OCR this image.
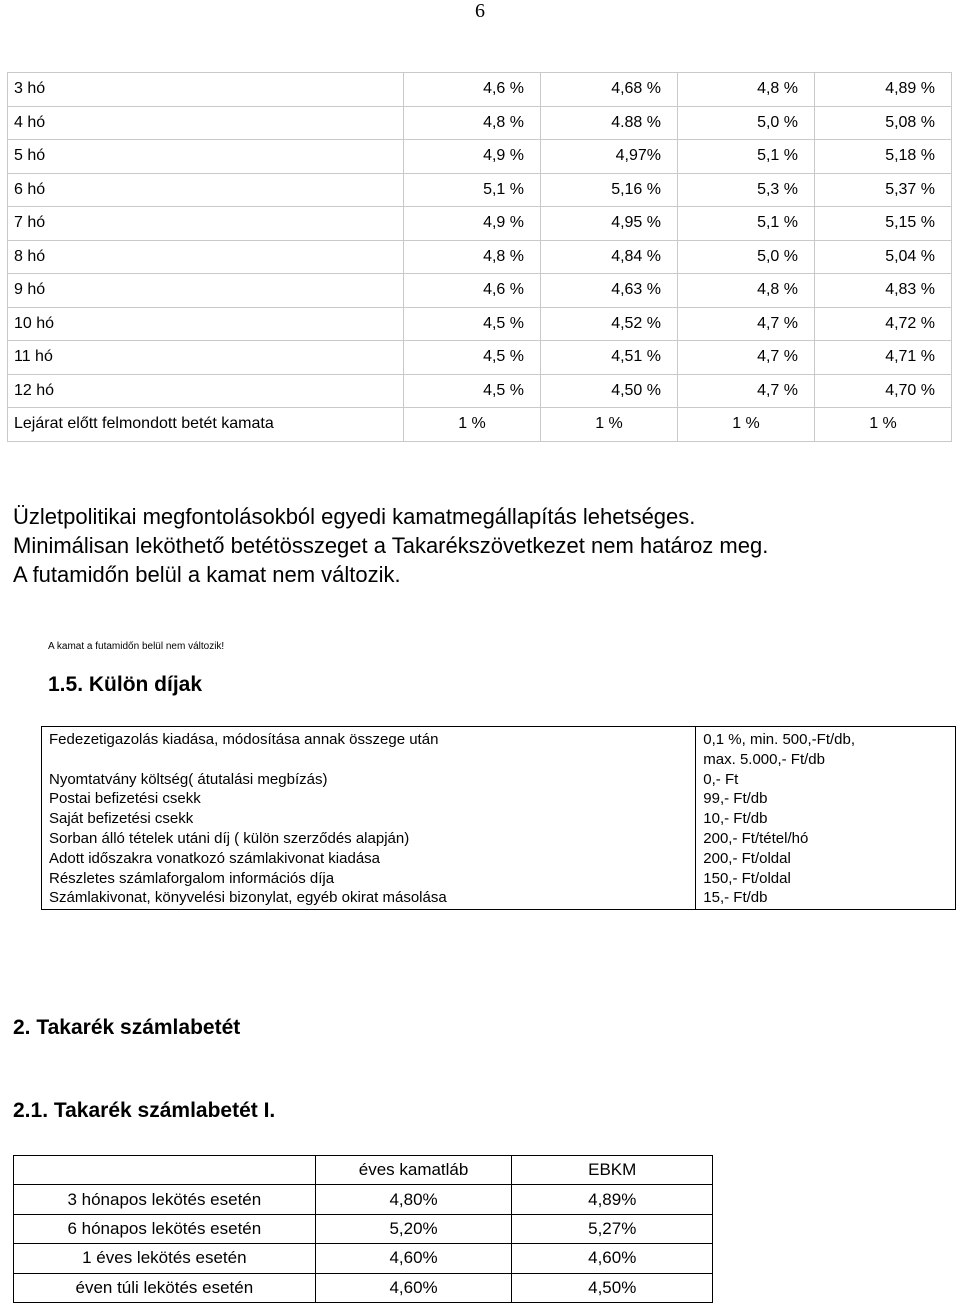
6
3 hó	4,6 %	4,68 %	4,8 %	4,89 %
4 hó	4,8 %	4.88 %	5,0 %	5,08 %
5 hó	4,9 %	4,97%	5,1 %	5,18 %
6 hó	5,1 %	5,16 %	5,3 %	5,37 %
7 hó	4,9 %	4,95 %	5,1 %	5,15 %
8 hó	4,8 %	4,84 %	5,0 %	5,04 %
9 hó	4,6 %	4,63 %	4,8 %	4,83 %
10 hó	4,5 %	4,52 %	4,7 %	4,72 %
11 hó	4,5 %	4,51 %	4,7 %	4,71 %
12 hó	4,5 %	4,50 %	4,7 %	4,70 %
Lejárat előtt felmondott betét kamata	1 %	1 %	1 %	1 %
Üzletpolitikai megfontolásokból egyedi kamatmegállapítás lehetséges.
Minimálisan leköthető betétösszeget a Takarékszövetkezet nem határoz meg.
A futamidőn belül a kamat nem változik.
A kamat a futamidőn belül nem változik!
1.5. Külön díjak
Fedezetigazolás kiadása, módosítása annak összege után	0,1 %, min. 500,-Ft/db,
max. 5.000,- Ft/db
Nyomtatvány költség( átutalási megbízás)	0,- Ft
Postai befizetési csekk	99,- Ft/db
Saját befizetési csekk	10,- Ft/db
Sorban álló tételek utáni díj ( külön szerződés alapján)	200,- Ft/tétel/hó
Adott időszakra vonatkozó számlakivonat kiadása	200,- Ft/oldal
Részletes számlaforgalom információs díja	150,- Ft/oldal
Számlakivonat, könyvelési bizonylat, egyéb okirat másolása	15,- Ft/db
2. Takarék számlabetét
2.1. Takarék számlabetét I.
	éves kamatláb	EBKM
3 hónapos lekötés esetén	4,80%	4,89%
6 hónapos lekötés esetén	5,20%	5,27%
1 éves lekötés esetén	4,60%	4,60%
éven túli lekötés esetén	4,60%	4,50%
